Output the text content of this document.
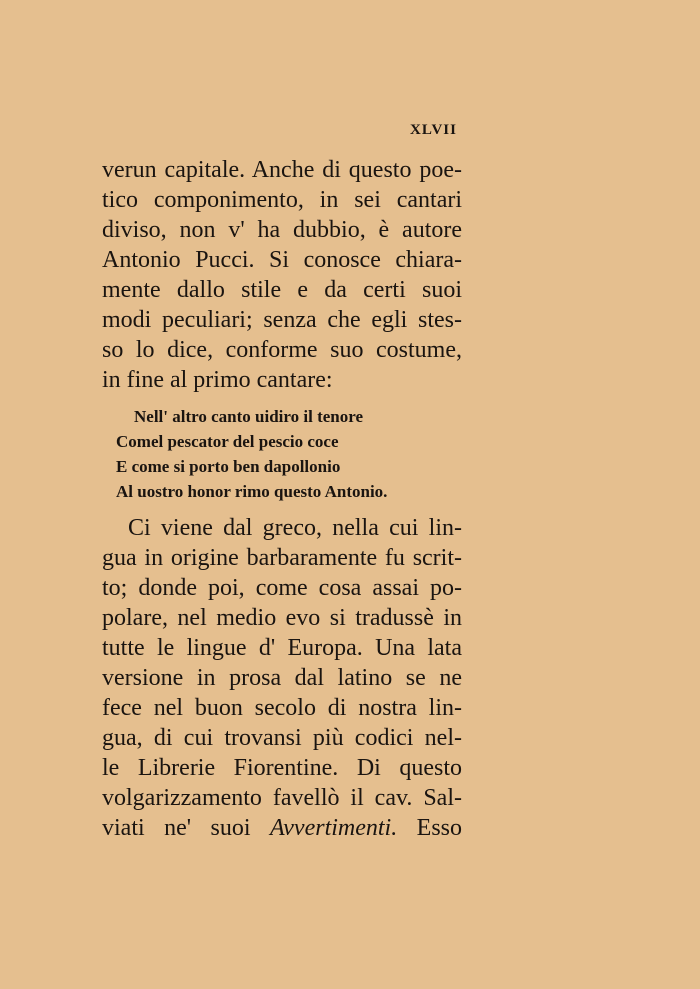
XLVII
verun capitale. Anche di questo poe-
tico componimento, in sei cantari
diviso, non v' ha dubbio, è autore
Antonio Pucci. Si conosce chiara-
mente dallo stile e da certi suoi
modi peculiari; senza che egli stes-
so lo dice, conforme suo costume,
in fine al primo cantare:
Nell' altro canto uidiro il tenore
Comel pescator del pescio coce
E come si porto ben dapollonio
Al uostro honor rimo questo Antonio.
Ci viene dal greco, nella cui lin-
gua in origine barbaramente fu scrit-
to; donde poi, come cosa assai po-
polare, nel medio evo si tradussè in
tutte le lingue d' Europa. Una lata
versione in prosa dal latino se ne
fece nel buon secolo di nostra lin-
gua, di cui trovansi più codici nel-
le Librerie Fiorentine. Di questo
volgarizzamento favellò il cav. Sal-
viati ne' suoi Avvertimenti. Esso
